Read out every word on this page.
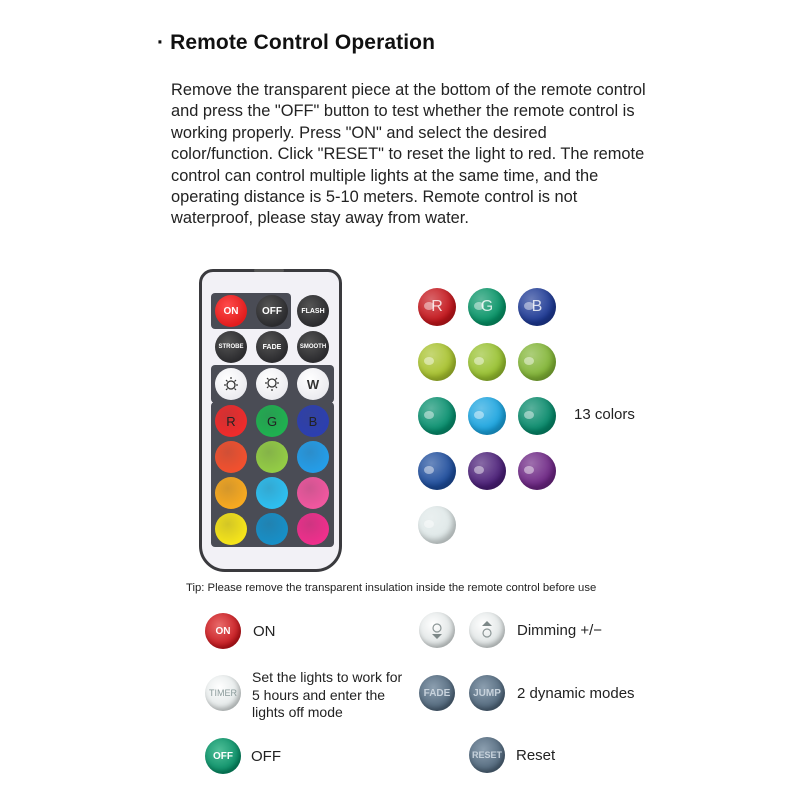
· Remote Control Operation
Remove the transparent piece at the bottom of the remote control and press the "OFF" button to test whether the remote control is working properly. Press "ON" and select the desired color/function. Click "RESET" to reset the light to red. The remote control can control multiple lights at the same time, and the operating distance is 5-10 meters. Remote control is not waterproof, please stay away from water.
ON	OFF	FLASH
STROBE	FADE	SMOOTH
W
R	G	B
R	G	B
13 colors
Tip: Please remove the transparent insulation inside the remote control before use
ON	ON
TIMER
Set the lights to work for 5 hours and enter the lights off mode
OFF	OFF
Dimming +/−
FADE	JUMP 2 dynamic modes
RESET Reset
